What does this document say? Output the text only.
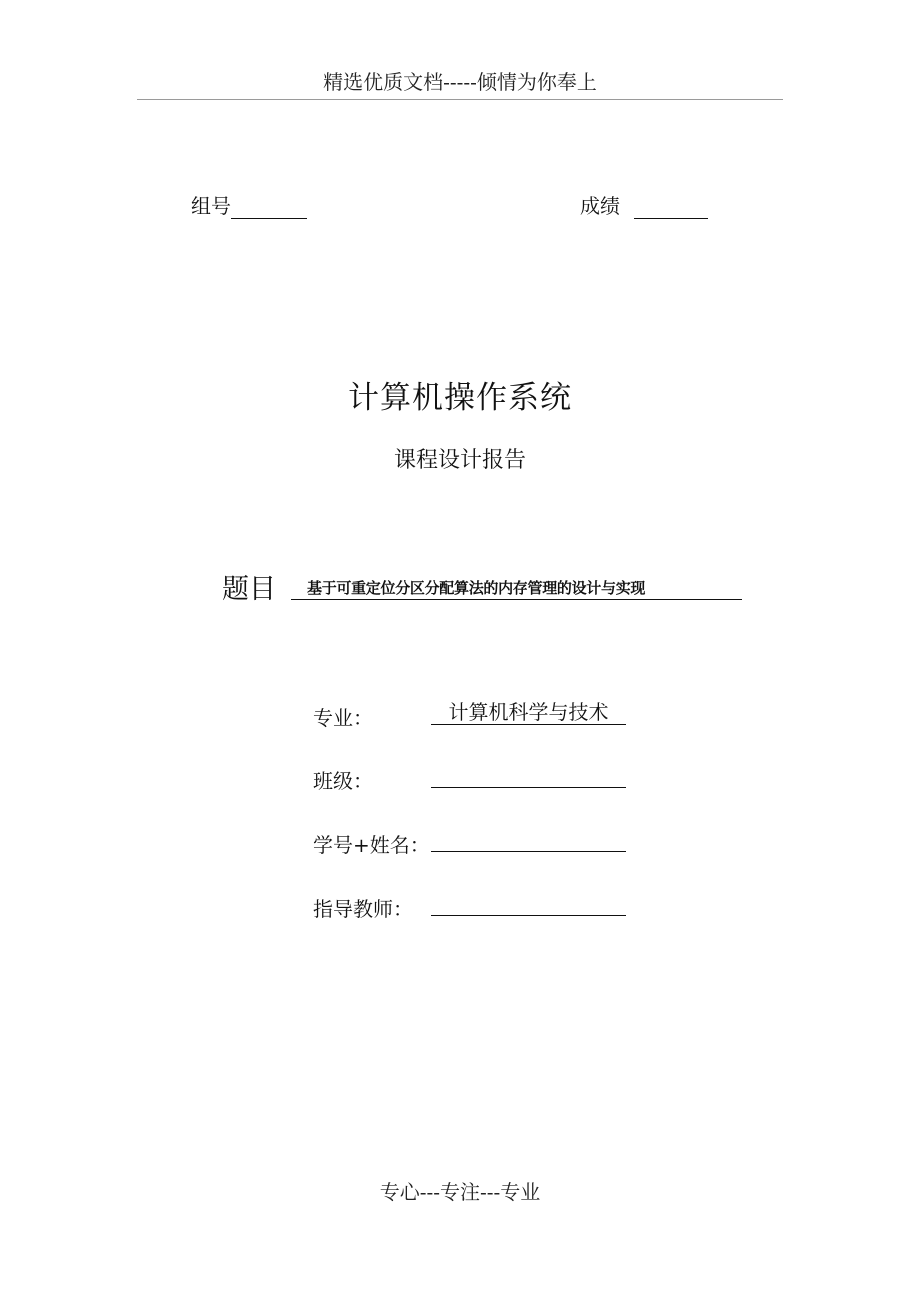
精选优质文档-----倾情为你奉上
组号	成绩
计算机操作系统
课程设计报告
题目	基于可重定位分区分配算法的内存管理的设计与实现
专业：	计算机科学与技术
班级：
学号+姓名：
指导教师：
专心---专注---专业
